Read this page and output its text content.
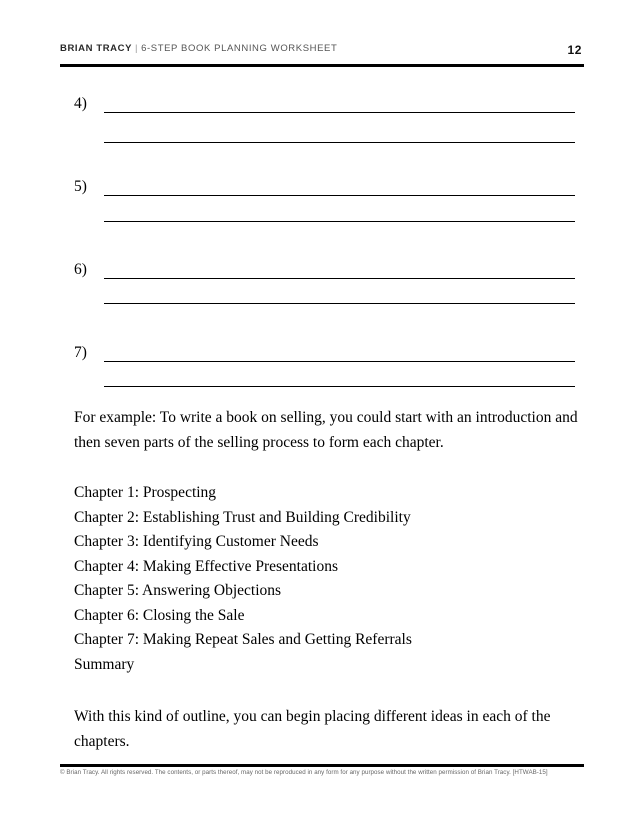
BRIAN TRACY | 6-STEP BOOK PLANNING WORKSHEET	12
4)
5)
6)
7)
For example: To write a book on selling, you could start with an introduction and then seven parts of the selling process to form each chapter.
Chapter 1: Prospecting
Chapter 2: Establishing Trust and Building Credibility
Chapter 3: Identifying Customer Needs
Chapter 4: Making Effective Presentations
Chapter 5: Answering Objections
Chapter 6: Closing the Sale
Chapter 7: Making Repeat Sales and Getting Referrals
Summary
With this kind of outline, you can begin placing different ideas in each of the chapters.
© Brian Tracy. All rights reserved. The contents, or parts thereof, may not be reproduced in any form for any purpose without the written permission of Brian Tracy. [HTWAB-15]
